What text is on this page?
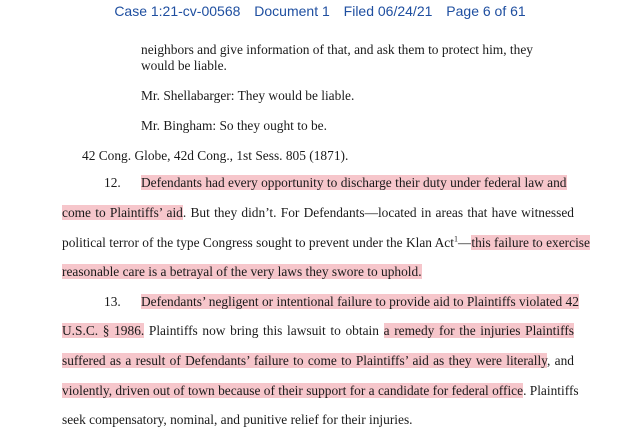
Case 1:21-cv-00568 Document 1 Filed 06/24/21 Page 6 of 61
neighbors and give information of that, and ask them to protect him, they
would be liable.
Mr. Shellabarger: They would be liable.
Mr. Bingham: So they ought to be.
42 Cong. Globe, 42d Cong., 1st Sess. 805 (1871).
12. Defendants had every opportunity to discharge their duty under federal law and
come to Plaintiffs’ aid. But they didn’t. For Defendants—located in areas that have witnessed
political terror of the type Congress sought to prevent under the Klan Act$^1$—this failure to exercise
reasonable care is a betrayal of the very laws they swore to uphold.
13. Defendants’ negligent or intentional failure to provide aid to Plaintiffs violated 42
U.S.C. § 1986. Plaintiffs now bring this lawsuit to obtain a remedy for the injuries Plaintiffs
suffered as a result of Defendants’ failure to come to Plaintiffs’ aid as they were literally, and
violently, driven out of town because of their support for a candidate for federal office. Plaintiffs
seek compensatory, nominal, and punitive relief for their injuries.
